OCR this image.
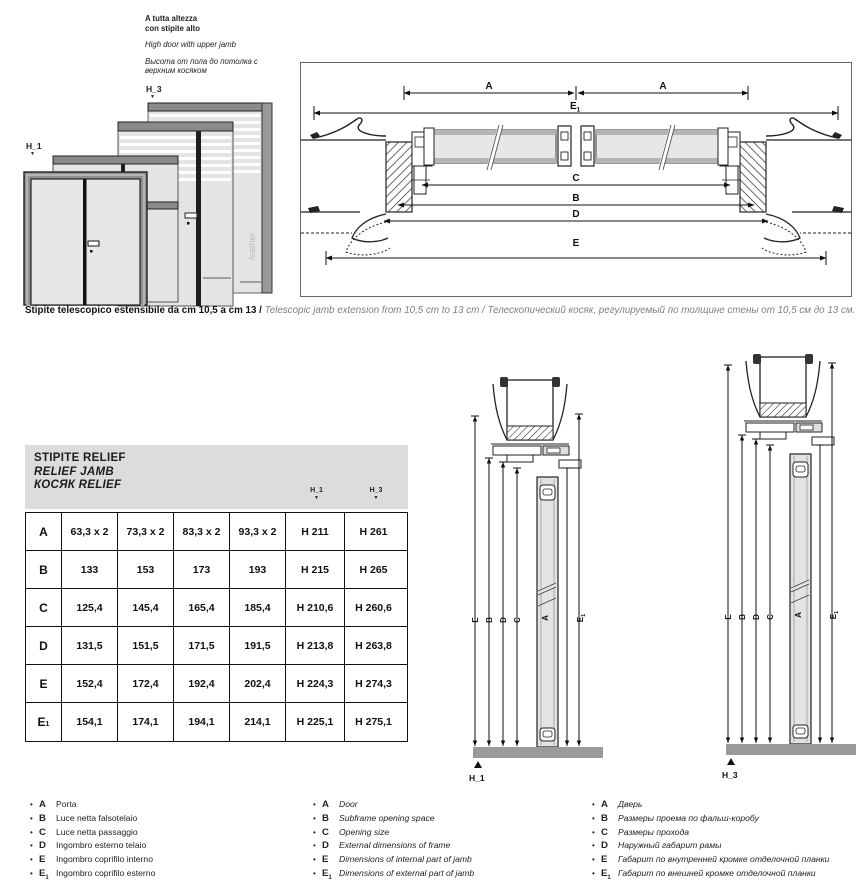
A tutta altezza
con stipite alto
High door with upper jamb
Высота от пола до потолка с
верхним косяком
H_3
▼
H_1
▼
leather
A	A
$E_1$
C
B
D
E
Stipite telescopico estensibile da cm 10,5 a cm 13 / Telescopic jamb extension from 10,5 cm to 13 cm / Телескопический косяк, регулируемый по толщине стены от 10,5 см до 13 см.
STIPITE RELIEF
RELIEF JAMB
КОСЯК RELIEF	H_1
▼
H_3
▼
A	63,3 x 2	73,3 x 2	83,3 x 2	93,3 x 2	H 211	H 261
B	133	153	173	193	H 215	H 265
C	125,4	145,4	165,4	185,4	H 210,6	H 260,6
D	131,5	151,5	171,5	191,5	H 213,8	H 263,8
E	152,4	172,4	192,4	202,4	H 224,3	H 274,3
E 1	154,1	174,1	194,1	214,1	H 225,1	H 275,1
E B D C	$E_1$
A
H_1
E B D C	$E_1$
A
H_3
• A	Porta
• B	Luce netta falsotelaio
• C	Luce netta passaggio
• D	Ingombro esterno telaio
• E	Ingombro coprifilo interno
• $E_1$ Ingombro coprifilo esterno
• A	Door
• B	Subframe opening space
• C	Opening size
• D	External dimensions of frame
• E	Dimensions of internal part of jamb
• $E_1$ Dimensions of external part of jamb
• A	Дверь
• B	Размеры проема по фальш-коробу
• C	Размеры прохода
• D	Наружный габарит рамы
• E	Габарит по внутренней кромке отделочной планки
• $E_1$ Габарит по внешней кромке отделочной планки
